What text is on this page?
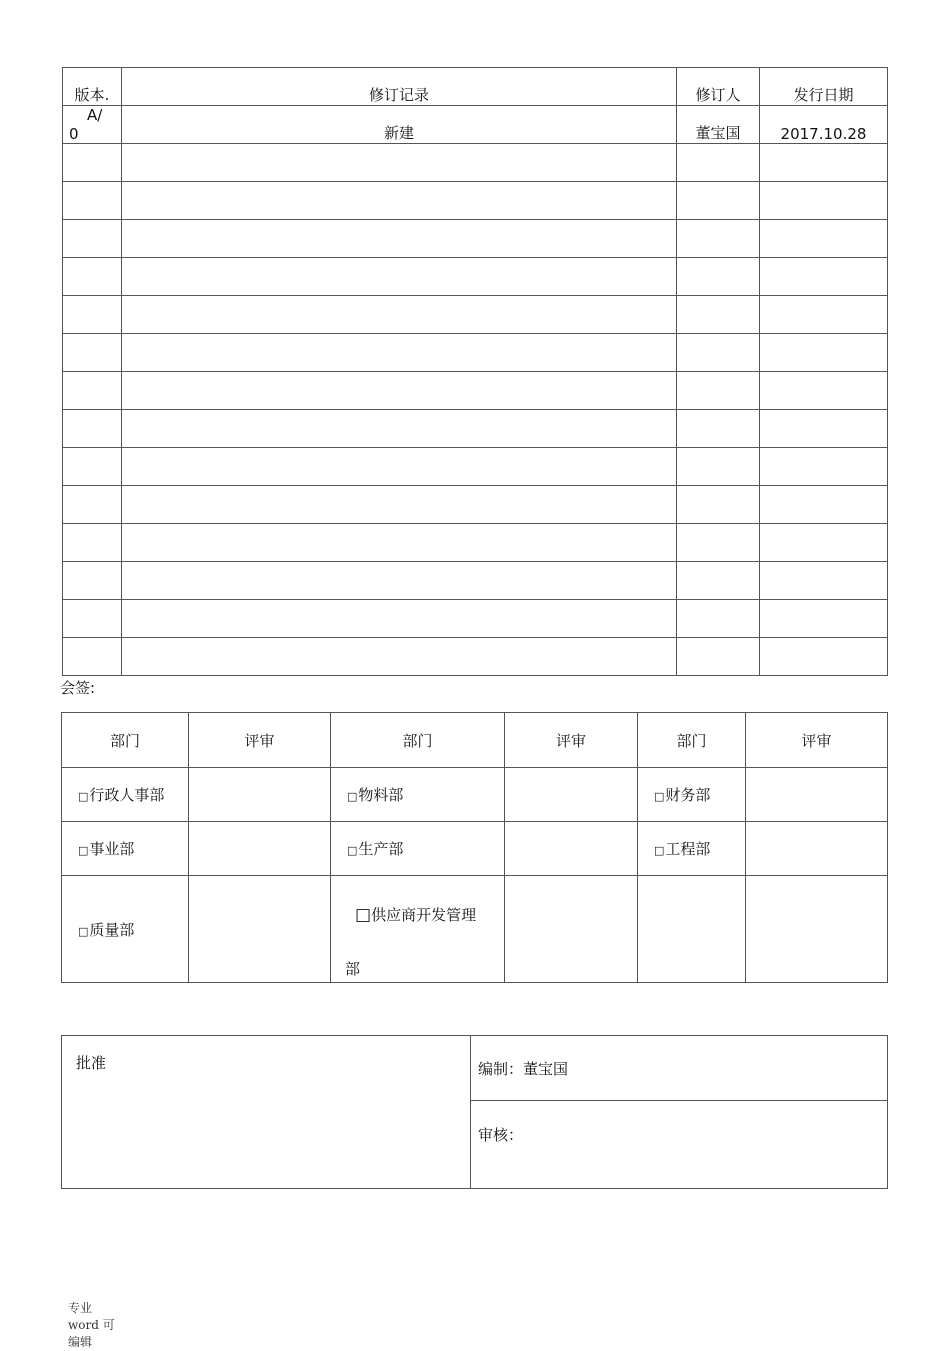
版本.	修订记录	修订人	发行日期

A/
0	新建	董宝国	2017.10.28

会签:
部门	评审	部门	评审	部门	评审
□行政人事部		□物料部		□财务部	
□事业部		□生产部		□工程部	
□质量部		□供应商开发管理
部			

批准	编制：董宝国
审核：
专业
word 可
编辑
